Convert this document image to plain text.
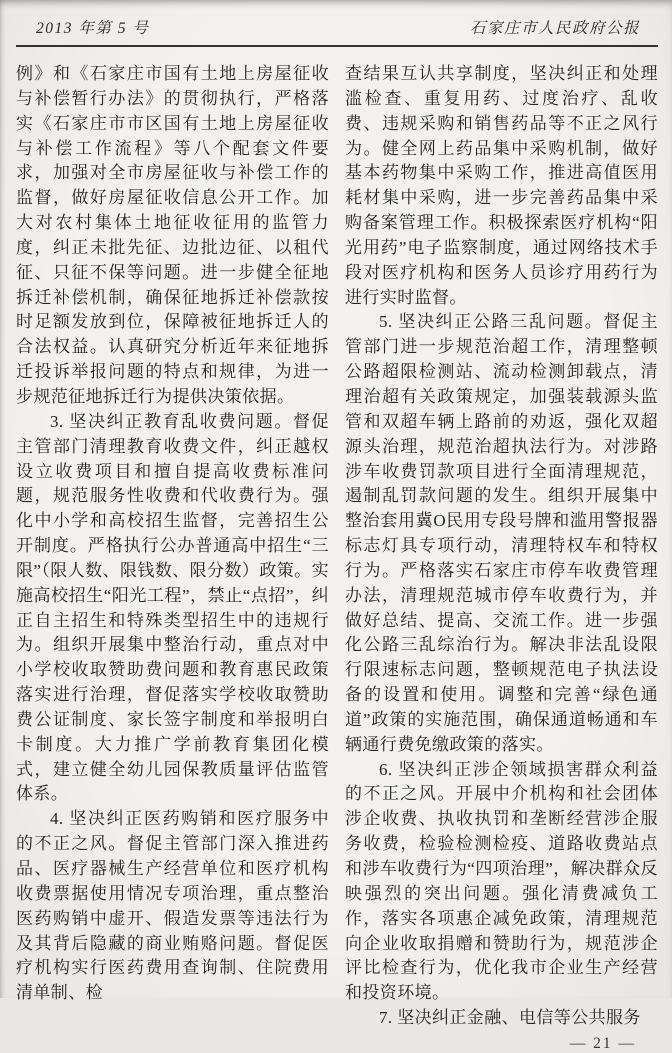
2013 年第 5 号	石家庄市人民政府公报

例》和《石家庄市国有土地上房屋征收与补偿暂行办法》的贯彻执行，严格落实《石家庄市市区国有土地上房屋征收与补偿工作流程》等八个配套文件要求，加强对全市房屋征收与补偿工作的监督，做好房屋征收信息公开工作。加大对农村集体土地征收征用的监管力度，纠正未批先征、边批边征、以租代征、只征不保等问题。进一步健全征地拆迁补偿机制，确保征地拆迁补偿款按时足额发放到位，保障被征地拆迁人的合法权益。认真研究分析近年来征地拆迁投诉举报问题的特点和规律，为进一步规范征地拆迁行为提供决策依据。

3. 坚决纠正教育乱收费问题。督促主管部门清理教育收费文件，纠正越权设立收费项目和擅自提高收费标准问题，规范服务性收费和代收费行为。强化中小学和高校招生监督，完善招生公开制度。严格执行公办普通高中招生“三限”（限人数、限钱数、限分数）政策。实施高校招生“阳光工程”，禁止“点招”，纠正自主招生和特殊类型招生中的违规行为。组织开展集中整治行动，重点对中小学校收取赞助费问题和教育惠民政策落实进行治理，督促落实学校收取赞助费公证制度、家长签字制度和举报明白卡制度。大力推广学前教育集团化模式，建立健全幼儿园保教质量评估监管体系。

4. 坚决纠正医药购销和医疗服务中的不正之风。督促主管部门深入推进药品、医疗器械生产经营单位和医疗机构收费票据使用情况专项治理，重点整治医药购销中虚开、假造发票等违法行为及其背后隐藏的商业贿赂问题。督促医疗机构实行医药费用查询制、住院费用清单制、检

查结果互认共享制度，坚决纠正和处理滥检查、重复用药、过度治疗、乱收费、违规采购和销售药品等不正之风行为。健全网上药品集中采购机制，做好基本药物集中采购工作，推进高值医用耗材集中采购，进一步完善药品集中采购备案管理工作。积极探索医疗机构“阳光用药”电子监察制度，通过网络技术手段对医疗机构和医务人员诊疗用药行为进行实时监督。

5. 坚决纠正公路三乱问题。督促主管部门进一步规范治超工作，清理整顿公路超限检测站、流动检测卸载点，清理治超有关政策规定，加强装载源头监管和双超车辆上路前的劝返，强化双超源头治理，规范治超执法行为。对涉路涉车收费罚款项目进行全面清理规范，遏制乱罚款问题的发生。组织开展集中整治套用冀O民用专段号牌和滥用警报器标志灯具专项行动，清理特权车和特权行为。严格落实石家庄市停车收费管理办法，清理规范城市停车收费行为，并做好总结、提高、交流工作。进一步强化公路三乱综治行为。解决非法乱设限行限速标志问题，整顿规范电子执法设备的设置和使用。调整和完善“绿色通道”政策的实施范围，确保通道畅通和车辆通行费免缴政策的落实。

6. 坚决纠正涉企领域损害群众利益的不正之风。开展中介机构和社会团体涉企收费、执收执罚和垄断经营涉企服务收费，检验检测检疫、道路收费站点和涉车收费行为“四项治理”，解决群众反映强烈的突出问题。强化清费减负工作，落实各项惠企减免政策，清理规范向企业收取捐赠和赞助行为，规范涉企评比检查行为，优化我市企业生产经营和投资环境。

7. 坚决纠正金融、电信等公共服务

— 21 —
